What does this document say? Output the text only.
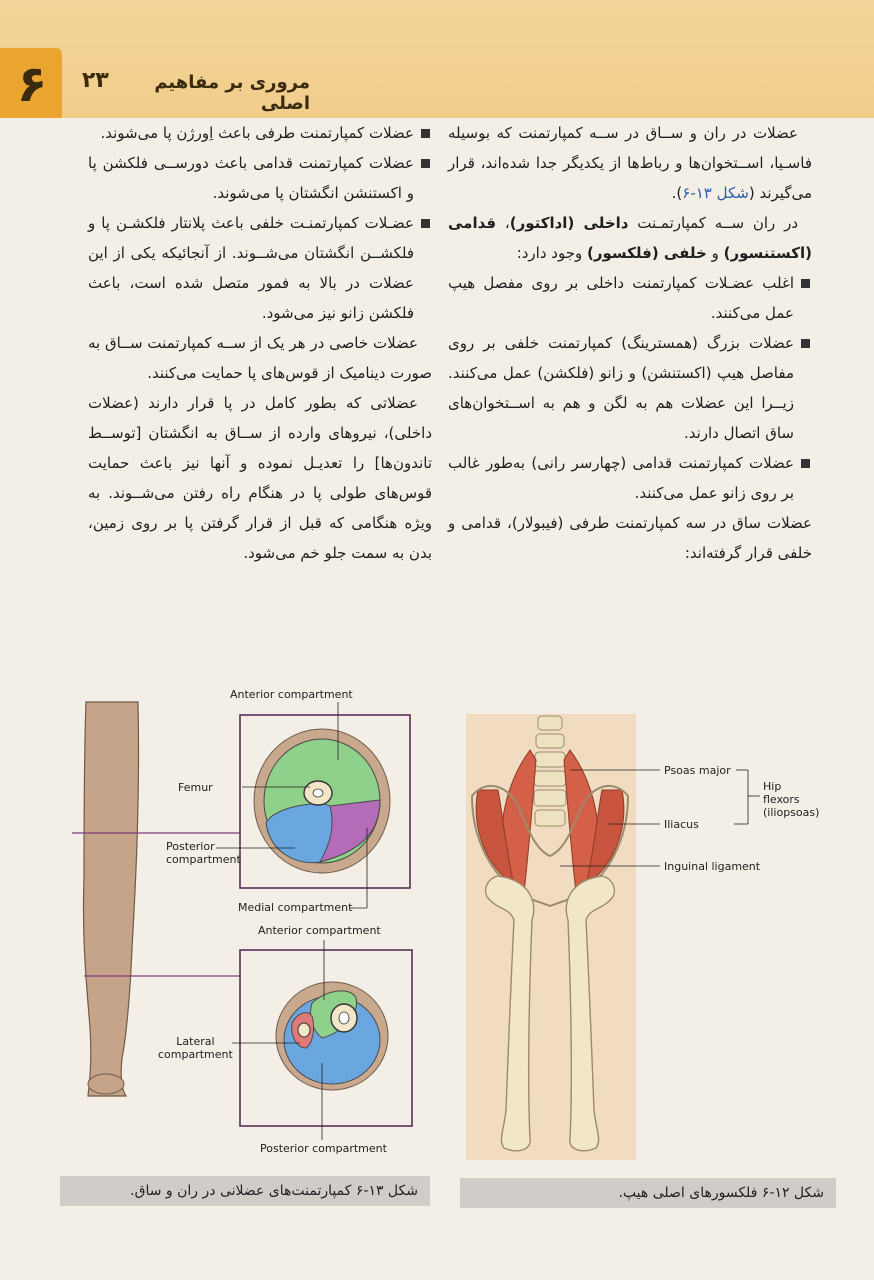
۶	۲۳	مروری بر مفاهیم اصلی

عضلات در ران و ســاق در ســه کمپارتمنت که بوسیله فاسـیا، اســتخوان‌ها و رباط‌ها از یکدیگر جدا شده‌اند، قرار می‌گیرند (شکل ۱۳-۶).

در ران ســه کمپارتمـنت داخلی (اداکتور)، قدامی (اکستنسور) و خلفی (فلکسور) وجود دارد:

اغلب عضـلات کمپارتمنت داخلی بر روی مفصل هیپ عمل می‌کنند.

عضلات بزرگ (همسترینگ) کمپارتمنت خلفی بر روی مفاصل هیپ (اکستنشن) و زانو (فلکشن) عمل می‌کنند. زیــرا این عضلات هم به لگن و هم به اســتخوان‌های ساق اتصال دارند.

عضلات کمپارتمنت قدامی (چهارسر رانی) به‌طور غالب بر روی زانو عمل می‌کنند.

عضلات ساق در سه کمپارتمنت طرفی (فیبولار)، قدامی و خلفی قرار گرفته‌اند:

عضلات کمپارتمنت طرفی باعث اِورژن پا می‌شوند.

عضلات کمپارتمنت قدامی باعث دورســی فلکشن پا و اکستنشن انگشتان پا می‌شوند.

عضـلات کمپارتمنـت خلفی باعث پلانتار فلکشـن پا و فلکشــن انگشتان می‌شــوند. از آنجائیکه یکی از این عضلات در بالا به فمور متصل شده است، باعث فلکشن زانو نیز می‌شود.

عضلات خاصی در هر یک از ســه کمپارتمنت ســاق به صورت دینامیک از قوس‌های پا حمایت می‌کنند.

عضلاتی که بطور کامل در پا قرار دارند (عضلات داخلی)، نیروهای وارده از ســاق به انگشتان [توســط تاندون‌ها] را تعدیـل نموده و آنها نیز باعث حمایت قوس‌های طولی پا در هنگام راه رفتن می‌شــوند. به ویژه هنگامی که قبل از قرار گرفتن پا بر روی زمین، بدن به سمت جلو خم می‌شود.

Anterior compartment
Femur
Posterior
compartment
Medial compartment
Anterior compartment
Lateral
compartment
Posterior compartment
شکل ۱۳-۶ کمپارتمنت‌های عضلانی در ران و ساق.
Psoas major
Hip
flexors
(iliopsoas)
Iliacus
Inguinal ligament
شکل ۱۲-۶ فلکسورهای اصلی هیپ.
